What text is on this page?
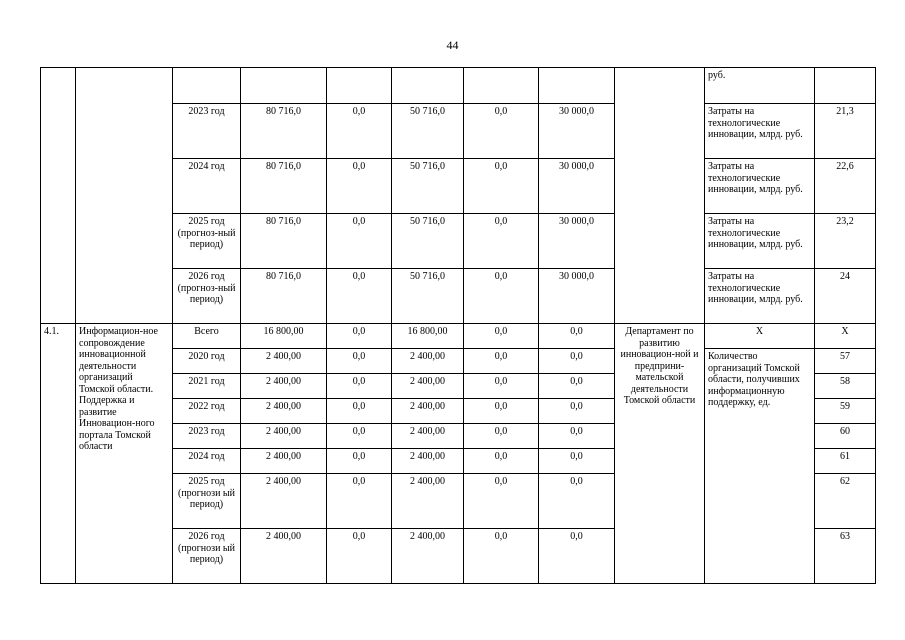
44
									руб.	
		2023 год	80 716,0	0,0	50 716,0	0,0	30 000,0		Затраты на технологические инновации, млрд. руб.	21,3
		2024 год	80 716,0	0,0	50 716,0	0,0	30 000,0		Затраты на технологические инновации, млрд. руб.	22,6
		2025 год (прогноз-ный период)	80 716,0	0,0	50 716,0	0,0	30 000,0		Затраты на технологические инновации, млрд. руб.	23,2
		2026 год (прогноз-ный период)	80 716,0	0,0	50 716,0	0,0	30 000,0		Затраты на технологические инновации, млрд. руб.	24
4.1.	Информацион-ное сопровождение инновационной деятельности организаций Томской области. Поддержка и развитие Инновацион-ного портала Томской области	Всего	16 800,00	0,0	16 800,00	0,0	0,0	Департамент по развитию инновацион-ной и предприни-мательской деятельности Томской области	Х	Х
		2020 год	2 400,00	0,0	2 400,00	0,0	0,0		Количество организаций Томской области, получивших информационную поддержку, ед.	57
		2021 год	2 400,00	0,0	2 400,00	0,0	0,0			58
		2022 год	2 400,00	0,0	2 400,00	0,0	0,0			59
		2023 год	2 400,00	0,0	2 400,00	0,0	0,0			60
		2024 год	2 400,00	0,0	2 400,00	0,0	0,0			61
		2025 год (прогнози ый период)	2 400,00	0,0	2 400,00	0,0	0,0			62
		2026 год (прогнози ый период)	2 400,00	0,0	2 400,00	0,0	0,0			63
